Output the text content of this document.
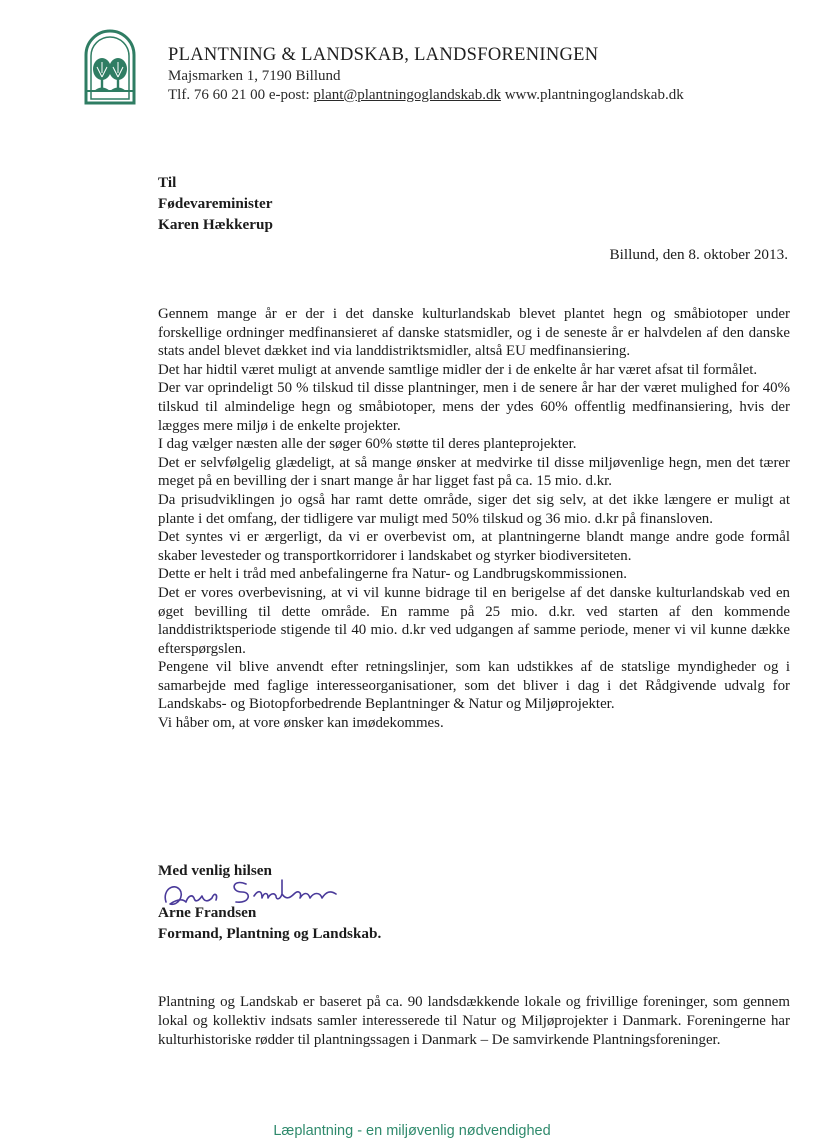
PLANTNING & LANDSKAB, LANDSFORENINGEN
Majsmarken 1, 7190 Billund
Tlf. 76 60 21 00 e-post: plant@plantningoglandskab.dk www.plantningoglandskab.dk
Til
Fødevareminister
Karen Hækkerup
Billund, den 8. oktober 2013.

Gennem mange år er der i det danske kulturlandskab blevet plantet hegn og småbiotoper under forskellige ordninger medfinansieret af danske statsmidler, og i de seneste år er halvdelen af den danske stats andel blevet dækket ind via landdistriktsmidler, altså EU medfinansiering.

Det har hidtil været muligt at anvende samtlige midler der i de enkelte år har været afsat til formålet.

Der var oprindeligt 50 % tilskud til disse plantninger, men i de senere år har der været mulighed for 40% tilskud til almindelige hegn og småbiotoper, mens der ydes 60% offentlig medfinansiering, hvis der lægges mere miljø i de enkelte projekter.

I dag vælger næsten alle der søger 60% støtte til deres planteprojekter.

Det er selvfølgelig glædeligt, at så mange ønsker at medvirke til disse miljøvenlige hegn, men det tærer meget på en bevilling der i snart mange år har ligget fast på ca. 15 mio. d.kr.

Da prisudviklingen jo også har ramt dette område, siger det sig selv, at det ikke længere er muligt at plante i det omfang, der tidligere var muligt med 50% tilskud og 36 mio. d.kr på finansloven.

Det syntes vi er ærgerligt, da vi er overbevist om, at plantningerne blandt mange andre gode formål skaber levesteder og transportkorridorer i landskabet og styrker biodiversiteten.

Dette er helt i tråd med anbefalingerne fra Natur- og Landbrugskommissionen.

Det er vores overbevisning, at vi vil kunne bidrage til en berigelse af det danske kulturlandskab ved en øget bevilling til dette område. En ramme på 25 mio. d.kr. ved starten af den kommende landdistriktsperiode stigende til 40 mio. d.kr ved udgangen af samme periode, mener vi vil kunne dække efterspørgslen.

Pengene vil blive anvendt efter retningslinjer, som kan udstikkes af de statslige myndigheder og i samarbejde med faglige interesseorganisationer, som det bliver i dag i det Rådgivende udvalg for Landskabs- og Biotopforbedrende Beplantninger & Natur og Miljøprojekter.

Vi håber om, at vore ønsker kan imødekommes.

Med venlig hilsen
Arne Frandsen
Formand, Plantning og Landskab.
Plantning og Landskab er baseret på ca. 90 landsdækkende lokale og frivillige foreninger, som gennem lokal og kollektiv indsats samler interesserede til Natur og Miljøprojekter i Danmark. Foreningerne har kulturhistoriske rødder til plantningssagen i Danmark – De samvirkende Plantningsforeninger.
Læplantning - en miljøvenlig nødvendighed
